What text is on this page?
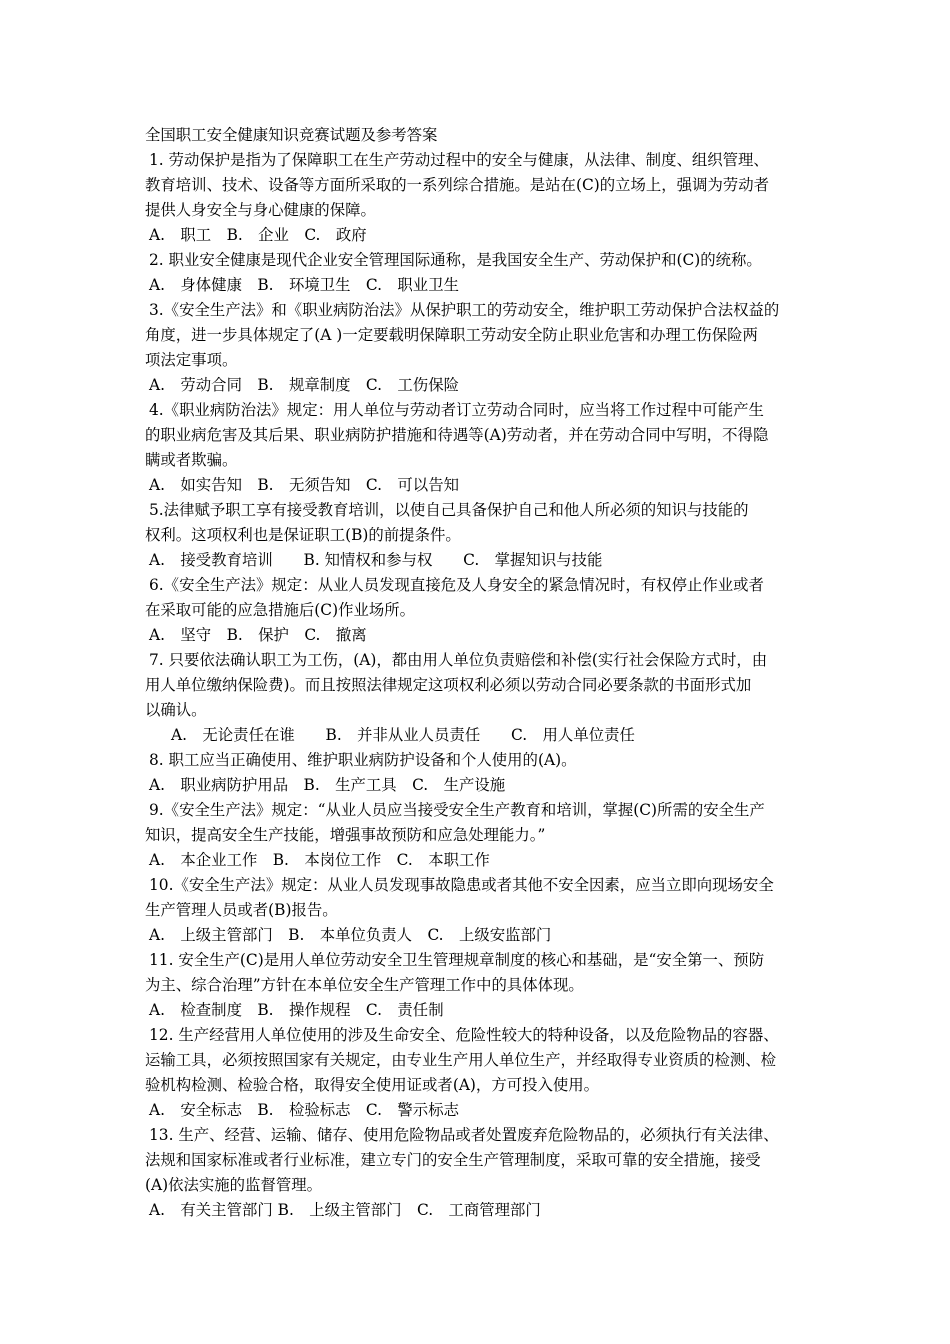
全国职工安全健康知识竞赛试题及参考答案
1. 劳动保护是指为了保障职工在生产劳动过程中的安全与健康，从法律、制度、组织管理、
教育培训、技术、设备等方面所采取的一系列综合措施。是站在(C)的立场上，强调为劳动者
提供人身安全与身心健康的保障。
A.　职工　B.　企业　C.　政府
2. 职业安全健康是现代企业安全管理国际通称，是我国安全生产、劳动保护和(C)的统称。
A.　身体健康　B.　环境卫生　C.　职业卫生
3.《安全生产法》和《职业病防治法》从保护职工的劳动安全，维护职工劳动保护合法权益的
角度，进一步具体规定了(A )一定要载明保障职工劳动安全防止职业危害和办理工伤保险两
项法定事项。
A.　劳动合同　B.　规章制度　C.　工伤保险
4.《职业病防治法》规定：用人单位与劳动者订立劳动合同时，应当将工作过程中可能产生
的职业病危害及其后果、职业病防护措施和待遇等(A)劳动者，并在劳动合同中写明，不得隐
瞒或者欺骗。
A.　如实告知　B.　无须告知　C.　可以告知
5.法律赋予职工享有接受教育培训，以使自己具备保护自己和他人所必须的知识与技能的
权利。这项权利也是保证职工(B)的前提条件。
A.　接受教育培训　　B. 知情权和参与权　　C.　掌握知识与技能
6.《安全生产法》规定：从业人员发现直接危及人身安全的紧急情况时，有权停止作业或者
在采取可能的应急措施后(C)作业场所。
A.　坚守　B.　保护　C.　撤离
7. 只要依法确认职工为工伤，(A)，都由用人单位负责赔偿和补偿(实行社会保险方式时，由
用人单位缴纳保险费)。而且按照法律规定这项权利必须以劳动合同必要条款的书面形式加
以确认。
A.　无论责任在谁　　B.　并非从业人员责任　　C.　用人单位责任
8. 职工应当正确使用、维护职业病防护设备和个人使用的(A)。
A.　职业病防护用品　B.　生产工具　C.　生产设施
9.《安全生产法》规定：“从业人员应当接受安全生产教育和培训，掌握(C)所需的安全生产
知识，提高安全生产技能，增强事故预防和应急处理能力。”
A.　本企业工作　B.　本岗位工作　C.　本职工作
10.《安全生产法》规定：从业人员发现事故隐患或者其他不安全因素，应当立即向现场安全
生产管理人员或者(B)报告。
A.　上级主管部门　B.　本单位负责人　C.　上级安监部门
11. 安全生产(C)是用人单位劳动安全卫生管理规章制度的核心和基础，是“安全第一、预防
为主、综合治理”方针在本单位安全生产管理工作中的具体体现。
A.　检查制度　B.　操作规程　C.　责任制
12. 生产经营用人单位使用的涉及生命安全、危险性较大的特种设备，以及危险物品的容器、
运输工具，必须按照国家有关规定，由专业生产用人单位生产，并经取得专业资质的检测、检
验机构检测、检验合格，取得安全使用证或者(A)，方可投入使用。
A.　安全标志　B.　检验标志　C.　警示标志
13. 生产、经营、运输、储存、使用危险物品或者处置废弃危险物品的，必须执行有关法律、
法规和国家标准或者行业标准，建立专门的安全生产管理制度，采取可靠的安全措施，接受
(A)依法实施的监督管理。
A.　有关主管部门 B.　上级主管部门　C.　工商管理部门
